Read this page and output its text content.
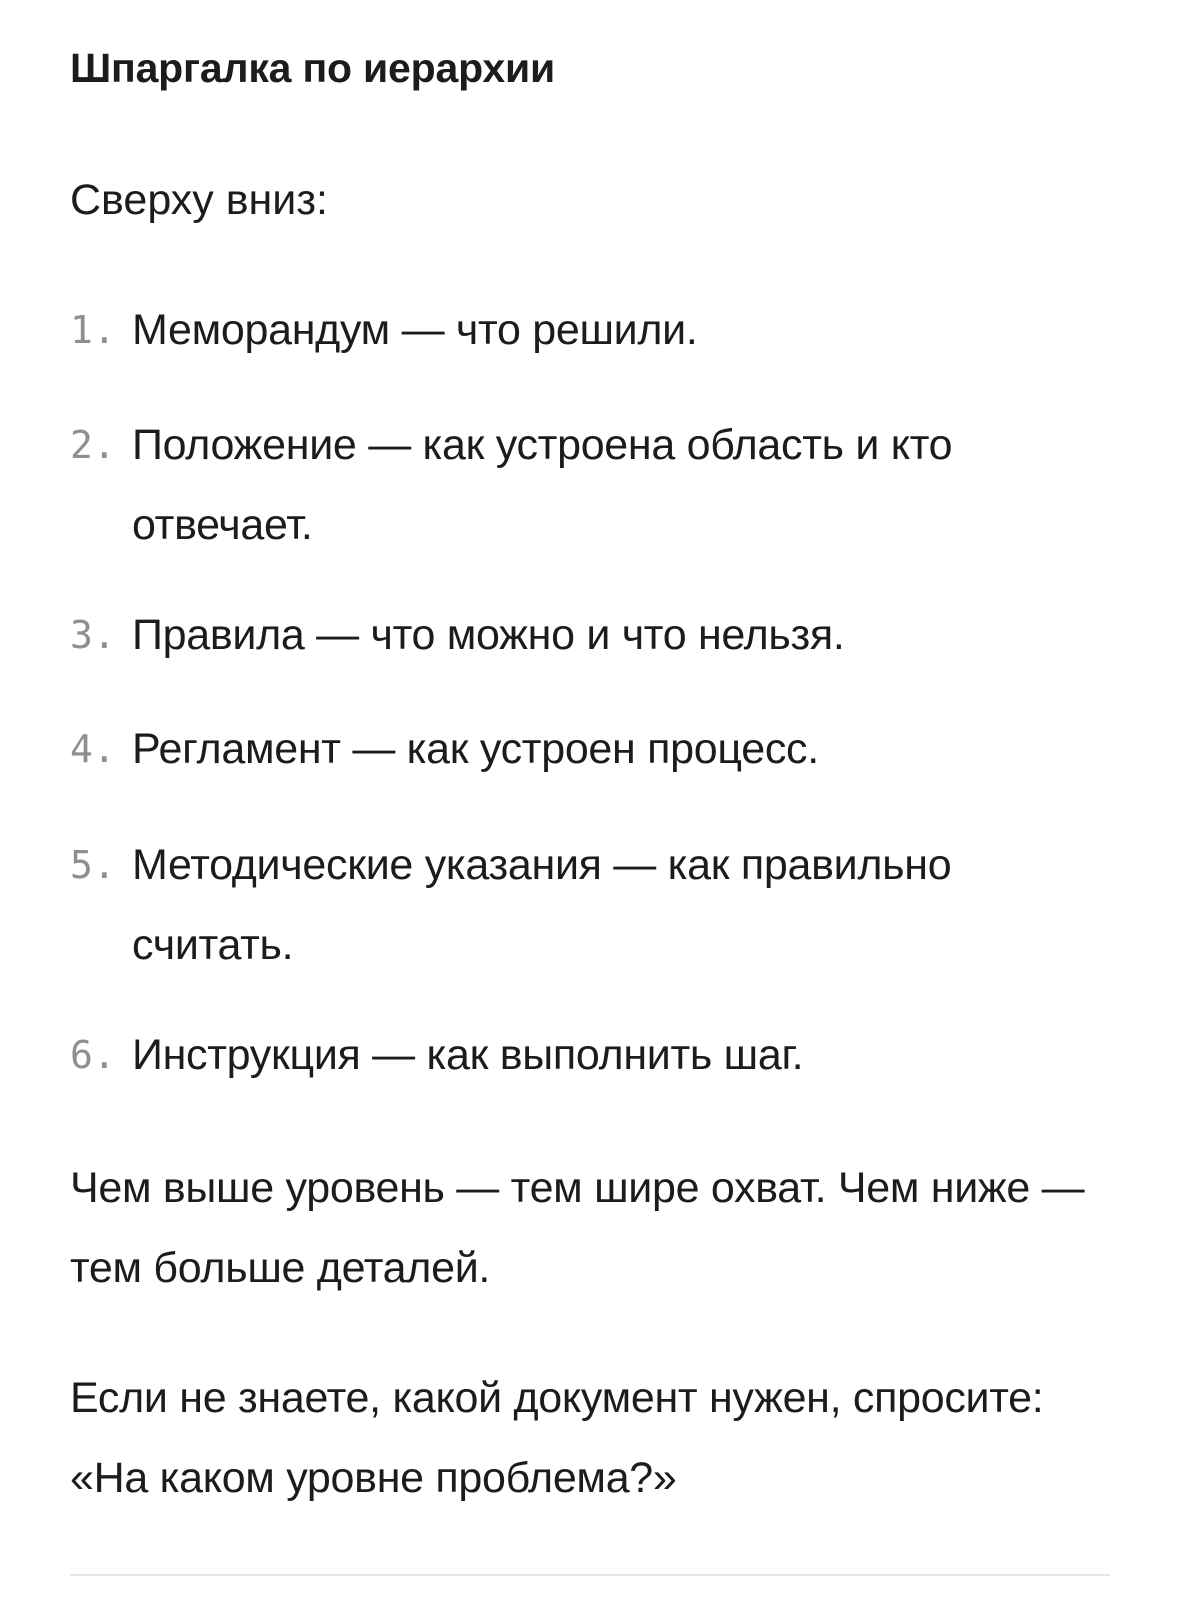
Шпаргалка по иерархии

Сверху вниз:

1. Меморандум — что решили.
2. Положение — как устроена область и кто отвечает.
3. Правила — что можно и что нельзя.
4. Регламент — как устроен процесс.
5. Методические указания — как правильно считать.
6. Инструкция — как выполнить шаг.

Чем выше уровень — тем шире охват. Чем ниже — тем больше деталей.

Если не знаете, какой документ нужен, спросите: «На каком уровне проблема?»
